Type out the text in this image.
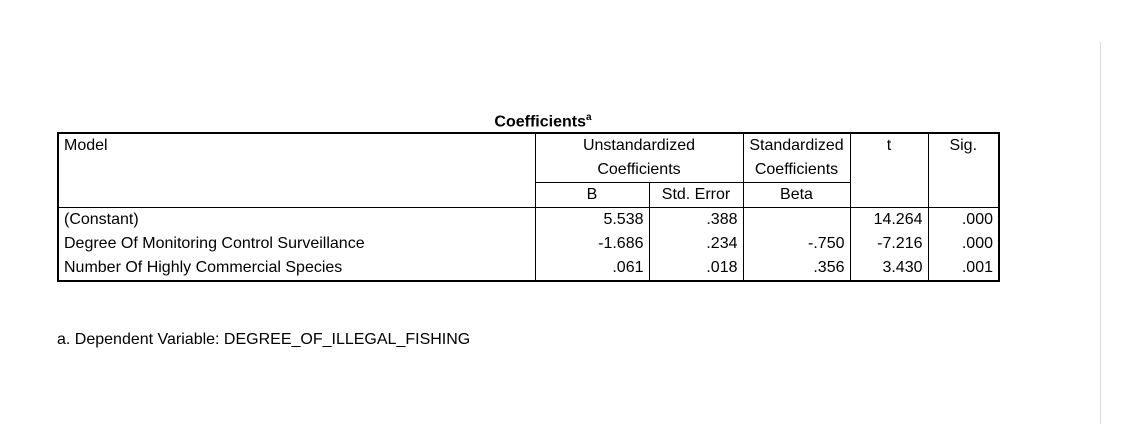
Coefficients$^a$
Model	Unstandardized		Standardized	t	Sig.
	Coefficients		Coefficients		
	B	Std. Error	Beta		
(Constant)	5.538	.388		14.264	.000
Degree Of Monitoring Control Surveillance	-1.686	.234	-.750	-7.216	.000
Number Of Highly Commercial Species	.061	.018	.356	3.430	.001
a. Dependent Variable: DEGREE_OF_ILLEGAL_FISHING
